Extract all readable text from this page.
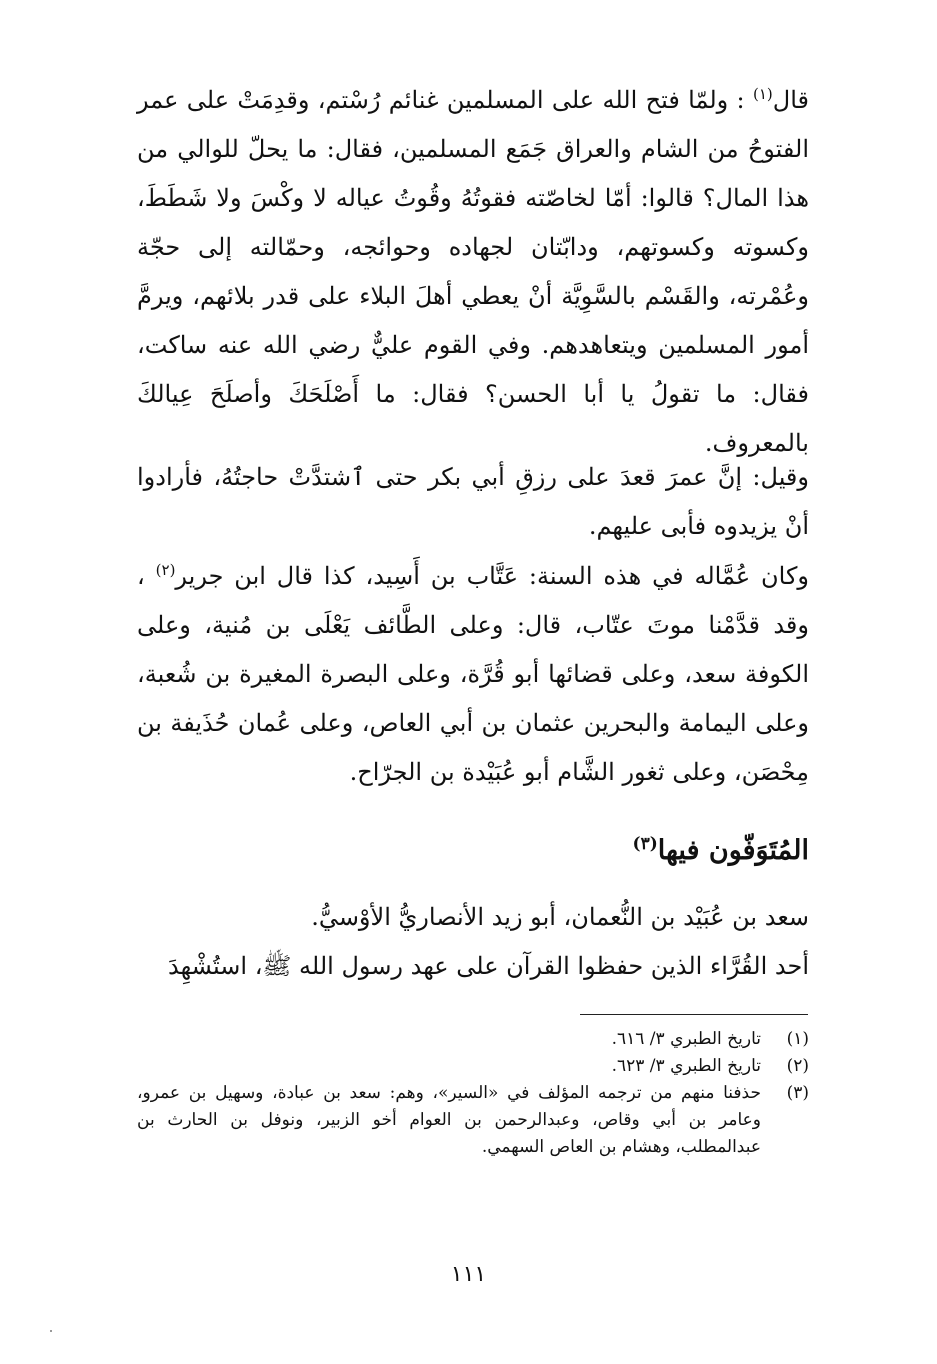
قال$^{(١)}$ : ولمّا فتح الله على المسلمين غنائم رُسْتم، وقدِمَتْ على عمر الفتوحُ من الشام والعراق جَمَع المسلمين، فقال: ما يحلّ للوالي من هذا المال؟ قالوا: أمّا لخاصّته فقوتُهُ وقُوتُ عياله لا وكْسَ ولا شَطَطَ، وكسوته وكسوتهم، ودابّتان لجهاده وحوائجه، وحمّالته إلى حجّة وعُمْرته، والقَسْم بالسَّوِيَّة أنْ يعطي أهلَ البلاء على قدر بلائهم، ويرمَّ أمور المسلمين ويتعاهدهم. وفي القوم عليٌّ رضي الله عنه ساكت، فقال: ما تقولُ يا أبا الحسن؟ فقال: ما أَصْلَحَكَ وأصلَحَ عِيالكَ بالمعروف.
وقيل: إنَّ عمرَ قعدَ على رزقِ أبي بكر حتى ٱشتدَّتْ حاجتُهُ، فأرادوا أنْ يزيدوه فأبى عليهم.
وكان عُمَّاله في هذه السنة: عَتَّاب بن أَسِيد، كذا قال ابن جرير$^{(٢)}$ ، وقد قدَّمْنا موتَ عتّاب، قال: وعلى الطَّائف يَعْلَى بن مُنية، وعلى الكوفة سعد، وعلى قضائها أبو قُرَّة، وعلى البصرة المغيرة بن شُعبة، وعلى اليمامة والبحرين عثمان بن أبي العاص، وعلى عُمان حُذَيفة بن مِحْصَن، وعلى ثغور الشَّام أبو عُبَيْدة بن الجرّاح.
المُتَوَفّون فيها$^{(٣)}$
سعد بن عُبَيْد بن النُّعمان، أبو زيد الأنصاريُّ الأوْسيُّ.
أحد القُرَّاء الذين حفظوا القرآن على عهد رسول الله ﷺ، استُشْهِدَ
(١)
تاريخ الطبري ٣/ ٦١٦.
(٢)
تاريخ الطبري ٣/ ٦٢٣.
(٣)
حذفنا منهم من ترجمه المؤلف في «السير»، وهم: سعد بن عبادة، وسهيل بن عمرو، وعامر بن أبي وقاص، وعبدالرحمن بن العوام أخو الزبير، ونوفل بن الحارث بن عبدالمطلب، وهشام بن العاص السهمي.
١١١
